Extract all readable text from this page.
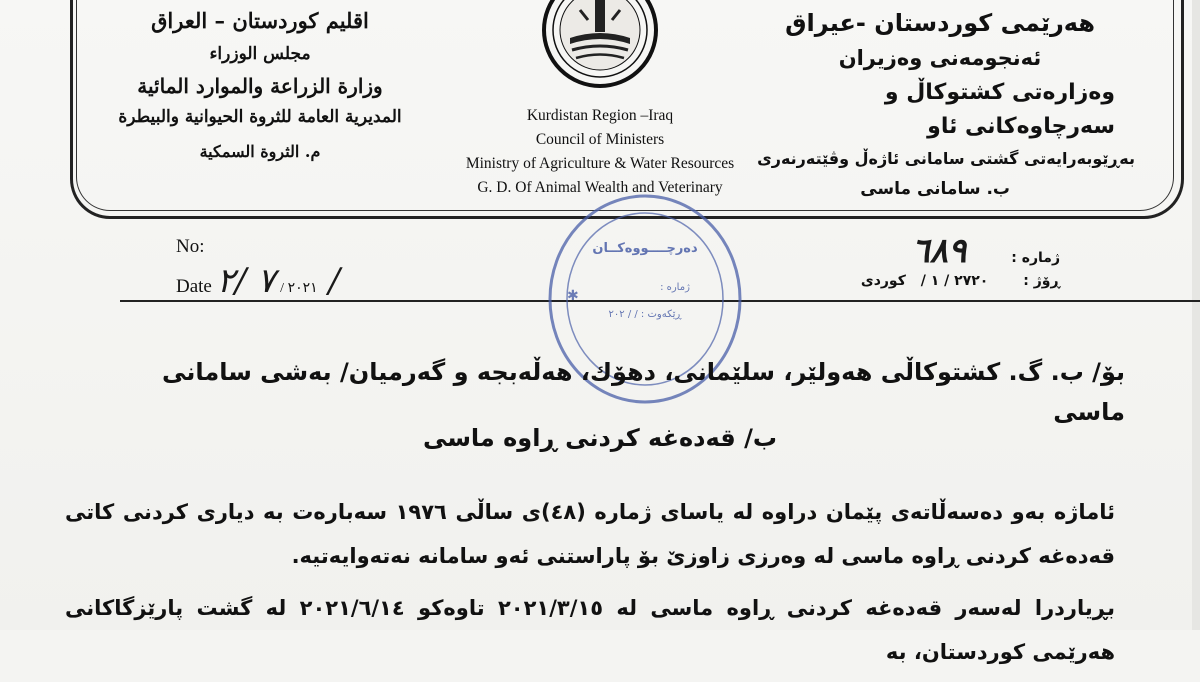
هەرێمی کوردستان -عیراق
ئەنجومەنی وەزیران
وەزارەتی کشتوکاڵ و سەرچاوەکانی ئاو
بەڕێوبەرایەتی گشتی سامانی ئاژەڵ وڤێتەرنەری
ب. سامانی ماسی
اقليم كوردستان – العراق
مجلس الوزراء
وزارة الزراعة والموارد المائية
المديرية العامة للثروة الحيوانية والبيطرة
م. الثروة السمكية
Kurdistan Region –Iraq
Council of Ministers
Ministry of Agriculture & Water Resources
G. D. Of Animal Wealth and Veterinary
No:
Date	٢٠٢١ / ٧ /٢ /
ژمارە : ٦٨٩
ڕۆژ : ٢٧٢٠ / ١ / کوردی
دەرچــــووەکــان
ژمارە :
ڕێکەوت : / / ٢٠٢
✱
بۆ/ ب. گ. کشتوکاڵی هەولێر، سلێمانی، دهۆك، هەڵەبجە و گەرمیان/ بەشی سامانی ماسی
ب/ قەدەغە کردنی ڕاوە ماسی

ئاماژە بەو دەسەڵاتەی پێمان دراوە لە یاسای ژمارە (٤٨)ی ساڵی ١٩٧٦ سەبارەت بە دیاری کردنی کاتی قەدەغە کردنی ڕاوە ماسی لە وەرزی زاوزێ بۆ پاراستنی ئەو سامانە نەتەوایەتیە.

بڕیاردرا لەسەر قەدەغە کردنی ڕاوە ماسی لە ٢٠٢١/٣/١٥ تاوەکو ٢٠٢١/٦/١٤ لە گشت پارێزگاکانی هەرێمی کوردستان، بە
